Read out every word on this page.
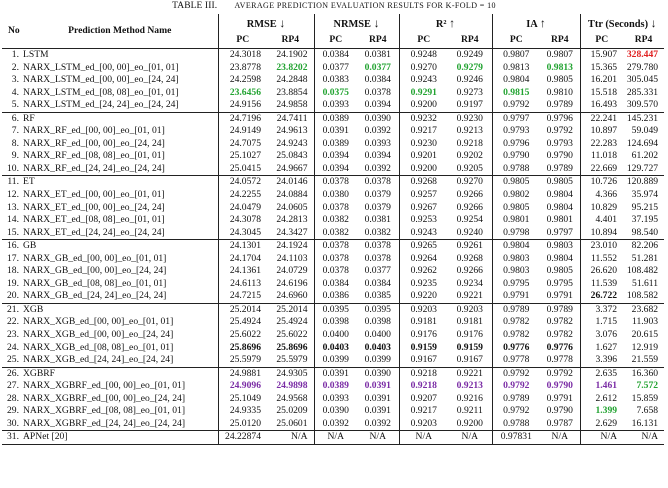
TABLE III. AVERAGE PREDICTION EVALUATION RESULTS FOR K-FOLD = 10
No	Prediction Method Name	RMSE ↓		NRMSE ↓		R² ↑		IA ↑		Ttr (Seconds) ↓	
		PC	RP4	PC	RP4	PC	RP4	PC	RP4	PC	RP4
1.	LSTM	24.3018	24.1902	0.0384	0.0381	0.9248	0.9249	0.9807	0.9807	15.907	328.447
2.	NARX_LSTM_ed_[00, 00]_eo_[01, 01]	23.8778	23.8202	0.0377	0.0377	0.9270	0.9279	0.9813	0.9813	15.365	279.780
3.	NARX_LSTM_ed_[00, 00]_eo_[24, 24]	24.2598	24.2848	0.0383	0.0384	0.9243	0.9246	0.9804	0.9805	16.201	305.045
4.	NARX_LSTM_ed_[08, 08]_eo_[01, 01]	23.6456	23.8854	0.0375	0.0378	0.9291	0.9273	0.9815	0.9810	15.518	285.331
5.	NARX_LSTM_ed_[24, 24]_eo_[24, 24]	24.9156	24.9858	0.0393	0.0394	0.9200	0.9197	0.9792	0.9789	16.493	309.570
6.	RF	24.7196	24.7411	0.0389	0.0390	0.9232	0.9230	0.9797	0.9796	22.241	145.231
7.	NARX_RF_ed_[00, 00]_eo_[01, 01]	24.9149	24.9613	0.0391	0.0392	0.9217	0.9213	0.9793	0.9792	10.897	59.049
8.	NARX_RF_ed_[00, 00]_eo_[24, 24]	24.7075	24.9243	0.0389	0.0393	0.9230	0.9218	0.9796	0.9793	22.283	124.694
9.	NARX_RF_ed_[08, 08]_eo_[01, 01]	25.1027	25.0843	0.0394	0.0394	0.9201	0.9202	0.9790	0.9790	11.018	61.202
10.	NARX_RF_ed_[24, 24]_eo_[24, 24]	25.0415	24.9667	0.0394	0.0392	0.9200	0.9205	0.9788	0.9789	22.669	129.727
11.	ET	24.0572	24.0146	0.0378	0.0378	0.9268	0.9270	0.9805	0.9805	10.726	120.889
12.	NARX_ET_ed_[00, 00]_eo_[01, 01]	24.2255	24.0884	0.0380	0.0379	0.9257	0.9266	0.9802	0.9804	4.366	35.974
13.	NARX_ET_ed_[00, 00]_eo_[24, 24]	24.0479	24.0605	0.0378	0.0379	0.9267	0.9266	0.9805	0.9804	10.829	95.215
14.	NARX_ET_ed_[08, 08]_eo_[01, 01]	24.3078	24.2813	0.0382	0.0381	0.9253	0.9254	0.9801	0.9801	4.401	37.195
15.	NARX_ET_ed_[24, 24]_eo_[24, 24]	24.3045	24.3427	0.0382	0.0382	0.9243	0.9240	0.9798	0.9797	10.894	98.540
16.	GB	24.1301	24.1924	0.0378	0.0378	0.9265	0.9261	0.9804	0.9803	23.010	82.206
17.	NARX_GB_ed_[00, 00]_eo_[01, 01]	24.1704	24.1103	0.0378	0.0378	0.9264	0.9268	0.9803	0.9804	11.552	51.281
18.	NARX_GB_ed_[00, 00]_eo_[24, 24]	24.1361	24.0729	0.0378	0.0377	0.9262	0.9266	0.9803	0.9805	26.620	108.482
19.	NARX_GB_ed_[08, 08]_eo_[01, 01]	24.6113	24.6196	0.0384	0.0384	0.9235	0.9234	0.9795	0.9795	11.539	51.611
20.	NARX_GB_ed_[24, 24]_eo_[24, 24]	24.7215	24.6960	0.0386	0.0385	0.9220	0.9221	0.9791	0.9791	26.722	108.582
21.	XGB	25.2014	25.2014	0.0395	0.0395	0.9203	0.9203	0.9789	0.9789	3.372	23.682
22.	NARX_XGB_ed_[00, 00]_eo_[01, 01]	25.4924	25.4924	0.0398	0.0398	0.9181	0.9181	0.9782	0.9782	1.715	11.903
23.	NARX_XGB_ed_[00, 00]_eo_[24, 24]	25.6022	25.6022	0.0400	0.0400	0.9176	0.9176	0.9782	0.9782	3.076	20.615
24.	NARX_XGB_ed_[08, 08]_eo_[01, 01]	25.8696	25.8696	0.0403	0.0403	0.9159	0.9159	0.9776	0.9776	1.627	12.919
25.	NARX_XGB_ed_[24, 24]_eo_[24, 24]	25.5979	25.5979	0.0399	0.0399	0.9167	0.9167	0.9778	0.9778	3.396	21.559
26.	XGBRF	24.9881	24.9305	0.0391	0.0390	0.9218	0.9221	0.9792	0.9792	2.635	16.360
27.	NARX_XGBRF_ed_[00, 00]_eo_[01, 01]	24.9096	24.9898	0.0389	0.0391	0.9218	0.9213	0.9792	0.9790	1.461	7.572
28.	NARX_XGBRF_ed_[00, 00]_eo_[24, 24]	25.1049	24.9568	0.0393	0.0391	0.9207	0.9216	0.9789	0.9791	2.612	15.859
29.	NARX_XGBRF_ed_[08, 08]_eo_[01, 01]	24.9335	25.0209	0.0390	0.0391	0.9217	0.9211	0.9792	0.9790	1.399	7.658
30.	NARX_XGBRF_ed_[24, 24]_eo_[24, 24]	25.0120	25.0601	0.0392	0.0392	0.9203	0.9200	0.9788	0.9787	2.629	16.131
31.	APNet [20]	24.22874	N/A	N/A	N/A	N/A	N/A	0.97831	N/A	N/A	N/A
